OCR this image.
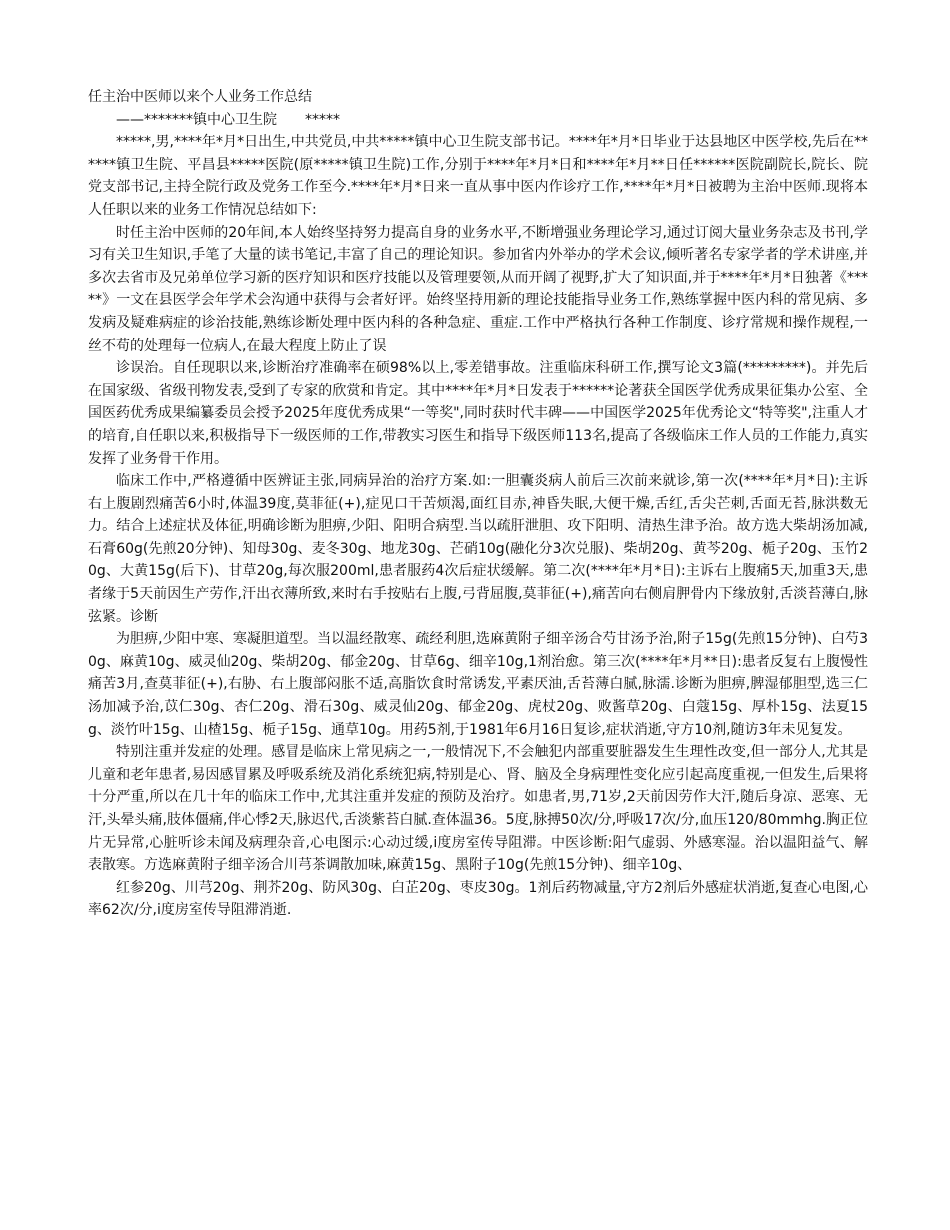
任主治中医师以来个人业务工作总结

——*******镇中心卫生院　　*****

*****,男,****年*月*日出生,中共党员,中共*****镇中心卫生院支部书记。****年*月*日毕业于达县地区中医学校,先后在******镇卫生院、平昌县*****医院(原*****镇卫生院)工作,分别于****年*月*日和****年*月**日任******医院副院长,院长、院党支部书记,主持全院行政及党务工作至今.****年*月*日来一直从事中医内作诊疗工作,****年*月*日被聘为主治中医师.现将本人任职以来的业务工作情况总结如下:

时任主治中医师的20年间,本人始终坚持努力提高自身的业务水平,不断增强业务理论学习,通过订阅大量业务杂志及书刊,学习有关卫生知识,手笔了大量的读书笔记,丰富了自己的理论知识。参加省内外举办的学术会议,倾听著名专家学者的学术讲座,并多次去省市及兄弟单位学习新的医疗知识和医疗技能以及管理要领,从而开阔了视野,扩大了知识面,并于****年*月*日独著《*****》一文在县医学会年学术会沟通中获得与会者好评。始终坚持用新的理论技能指导业务工作,熟练掌握中医内科的常见病、多发病及疑难病症的诊治技能,熟练诊断处理中医内科的各种急症、重症.工作中严格执行各种工作制度、诊疗常规和操作规程,一丝不苟的处理每一位病人,在最大程度上防止了误

诊误治。自任现职以来,诊断治疗准确率在硕98%以上,零差错事故。注重临床科研工作,撰写论文3篇(*********)。并先后在国家级、省级刊物发表,受到了专家的欣赏和肯定。其中****年*月*日发表于******论著获全国医学优秀成果征集办公室、全国医药优秀成果编纂委员会授予2025年度优秀成果“一等奖",同时获时代丰碑——中国医学2025年优秀论文“特等奖",注重人才的培育,自任职以来,积极指导下一级医师的工作,带教实习医生和指导下级医师113名,提高了各级临床工作人员的工作能力,真实发挥了业务骨干作用。

临床工作中,严格遵循中医辨证主张,同病异治的治疗方案.如:一胆囊炎病人前后三次前来就诊,第一次(****年*月*日):主诉右上腹剧烈痛苦6小时,体温39度,莫菲征(+),症见口干苦烦渴,面红目赤,神昏失眠,大便干燥,舌红,舌尖芒刺,舌面无苔,脉洪数无力。结合上述症状及体征,明确诊断为胆痹,少阳、阳明合病型.当以疏肝泄胆、攻下阳明、清热生津予治。故方选大柴胡汤加减,石膏60g(先煎20分钟)、知母30g、麦冬30g、地龙30g、芒硝10g(融化分3次兑服)、柴胡20g、黄芩20g、栀子20g、玉竹20g、大黄15g(后下)、甘草20g,每次服200ml,患者服药4次后症状缓解。第二次(****年*月*日):主诉右上腹痛5天,加重3天,患者缘于5天前因生产劳作,汗出衣薄所致,来时右手按贴右上腹,弓背屈腹,莫菲征(+),痛苦向右侧肩胛骨内下缘放射,舌淡苔薄白,脉弦紧。诊断

为胆痹,少阳中寒、寒凝胆道型。当以温经散寒、疏经利胆,选麻黄附子细辛汤合芍甘汤予治,附子15g(先煎15分钟)、白芍30g、麻黄10g、威灵仙20g、柴胡20g、郁金20g、甘草6g、细辛10g,1剂治愈。第三次(****年*月**日):患者反复右上腹慢性痛苦3月,查莫菲征(+),右胁、右上腹部闷胀不适,高脂饮食时常诱发,平素厌油,舌苔薄白腻,脉濡.诊断为胆痹,脾湿郁胆型,选三仁汤加减予治,苡仁30g、杏仁20g、滑石30g、威灵仙20g、郁金20g、虎杖20g、败酱草20g、白蔻15g、厚朴15g、法夏15g、淡竹叶15g、山楂15g、栀子15g、通草10g。用药5剂,于1981年6月16日复诊,症状消逝,守方10剂,随访3年未见复发。

特别注重并发症的处理。感冒是临床上常见病之一,一般情况下,不会触犯内部重要脏器发生生理性改变,但一部分人,尤其是儿童和老年患者,易因感冒累及呼吸系统及消化系统犯病,特别是心、肾、脑及全身病理性变化应引起高度重视,一但发生,后果将十分严重,所以在几十年的临床工作中,尤其注重并发症的预防及治疗。如患者,男,71岁,2天前因劳作大汗,随后身凉、恶寒、无汗,头晕头痛,肢体僵痛,伴心悸2天,脉迟代,舌淡紫苔白腻.查体温36。5度,脉搏50次/分,呼吸17次/分,血压120/80mmhg.胸正位片无异常,心脏听诊未闻及病理杂音,心电图示:心动过缓,ⅰ度房室传导阻滞。中医诊断:阳气虚弱、外感寒湿。治以温阳益气、解表散寒。方选麻黄附子细辛汤合川芎茶调散加味,麻黄15g、黑附子10g(先煎15分钟)、细辛10g、

红参20g、川芎20g、荆芥20g、防风30g、白芷20g、枣皮30g。1剂后药物减量,守方2剂后外感症状消逝,复查心电图,心率62次/分,ⅰ度房室传导阻滞消逝.
